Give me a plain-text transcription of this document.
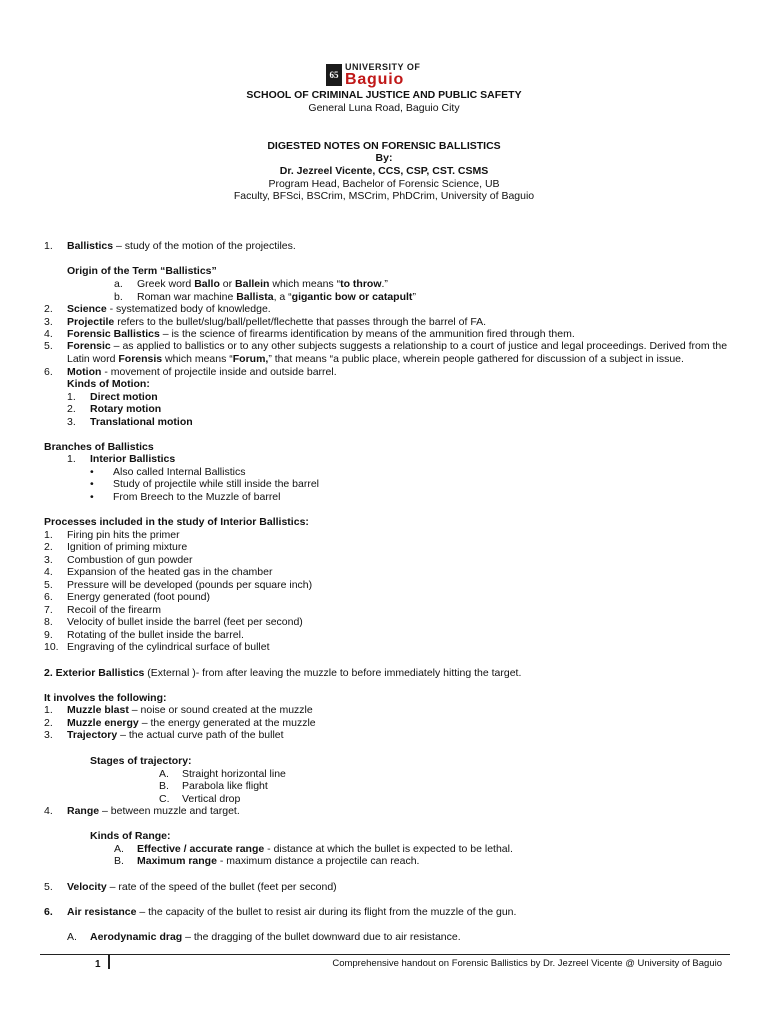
65
UNIVERSITY OF
Baguio
SCHOOL OF CRIMINAL JUSTICE AND PUBLIC SAFETY
General Luna Road, Baguio City
DIGESTED NOTES ON FORENSIC BALLISTICS
By:
Dr. Jezreel Vicente, CCS, CSP, CST. CSMS
Program Head, Bachelor of Forensic Science, UB
Faculty, BFSci, BSCrim, MSCrim, PhDCrim, University of Baguio
1. Ballistics – study of the motion of the projectiles.
Origin of the Term “Ballistics”
a. Greek word Ballo or Ballein which means “to throw.”
b. Roman war machine Ballista, a “gigantic bow or catapult”
2. Science - systematized body of knowledge.
3. Projectile refers to the bullet/slug/ball/pellet/flechette that passes through the barrel of FA.
4. Forensic Ballistics – is the science of firearms identification by means of the ammunition fired through them.
5. Forensic – as applied to ballistics or to any other subjects suggests a relationship to a court of justice and legal proceedings. Derived from the
Latin word Forensis which means “Forum,” that means “a public place, wherein people gathered for discussion of a subject in issue.
6. Motion - movement of projectile inside and outside barrel.
Kinds of Motion:
1. Direct motion
2. Rotary motion
3. Translational motion
Branches of Ballistics
1. Interior Ballistics
• Also called Internal Ballistics
• Study of projectile while still inside the barrel
• From Breech to the Muzzle of barrel
Processes included in the study of Interior Ballistics:
1. Firing pin hits the primer
2. Ignition of priming mixture
3. Combustion of gun powder
4. Expansion of the heated gas in the chamber
5. Pressure will be developed (pounds per square inch)
6. Energy generated (foot pound)
7. Recoil of the firearm
8. Velocity of bullet inside the barrel (feet per second)
9. Rotating of the bullet inside the barrel.
10. Engraving of the cylindrical surface of bullet
2. Exterior Ballistics (External )- from after leaving the muzzle to before immediately hitting the target.
It involves the following:
1. Muzzle blast – noise or sound created at the muzzle
2. Muzzle energy – the energy generated at the muzzle
3. Trajectory – the actual curve path of the bullet
Stages of trajectory:
A. Straight horizontal line
B. Parabola like flight
C. Vertical drop
4. Range – between muzzle and target.
Kinds of Range:
A. Effective / accurate range - distance at which the bullet is expected to be lethal.
B. Maximum range - maximum distance a projectile can reach.
5. Velocity – rate of the speed of the bullet (feet per second)
6. Air resistance – the capacity of the bullet to resist air during its flight from the muzzle of the gun.
A. Aerodynamic drag – the dragging of the bullet downward due to air resistance.
1	Comprehensive handout on Forensic Ballistics by Dr. Jezreel Vicente @ University of Baguio
